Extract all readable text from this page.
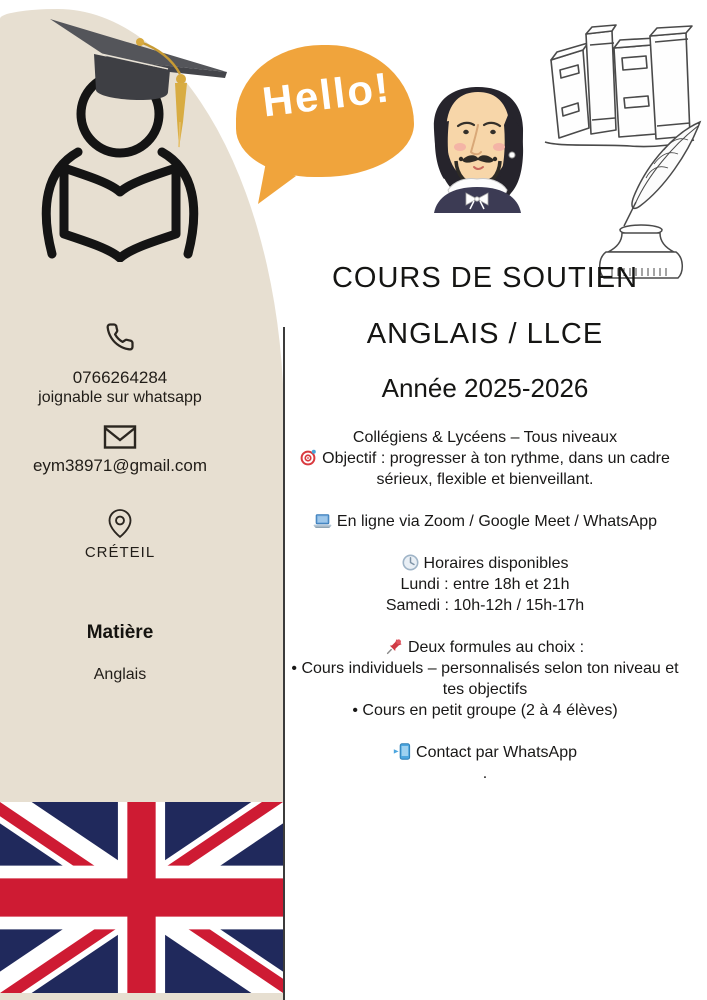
Hello!
0766264284
joignable sur whatsapp
eym38971@gmail.com
CRÉTEIL
Matière
Anglais
COURS DE SOUTIEN
ANGLAIS / LLCE
Année 2025-2026
Collégiens & Lycéens – Tous niveaux
Objectif : progresser à ton rythme, dans un cadre
sérieux, flexible et bienveillant.
En ligne via Zoom / Google Meet / WhatsApp
Horaires disponibles
Lundi : entre 18h et 21h
Samedi : 10h-12h / 15h-17h
Deux formules au choix :
• Cours individuels – personnalisés selon ton niveau et
tes objectifs
• Cours en petit groupe (2 à 4 élèves)
Contact par WhatsApp
.
